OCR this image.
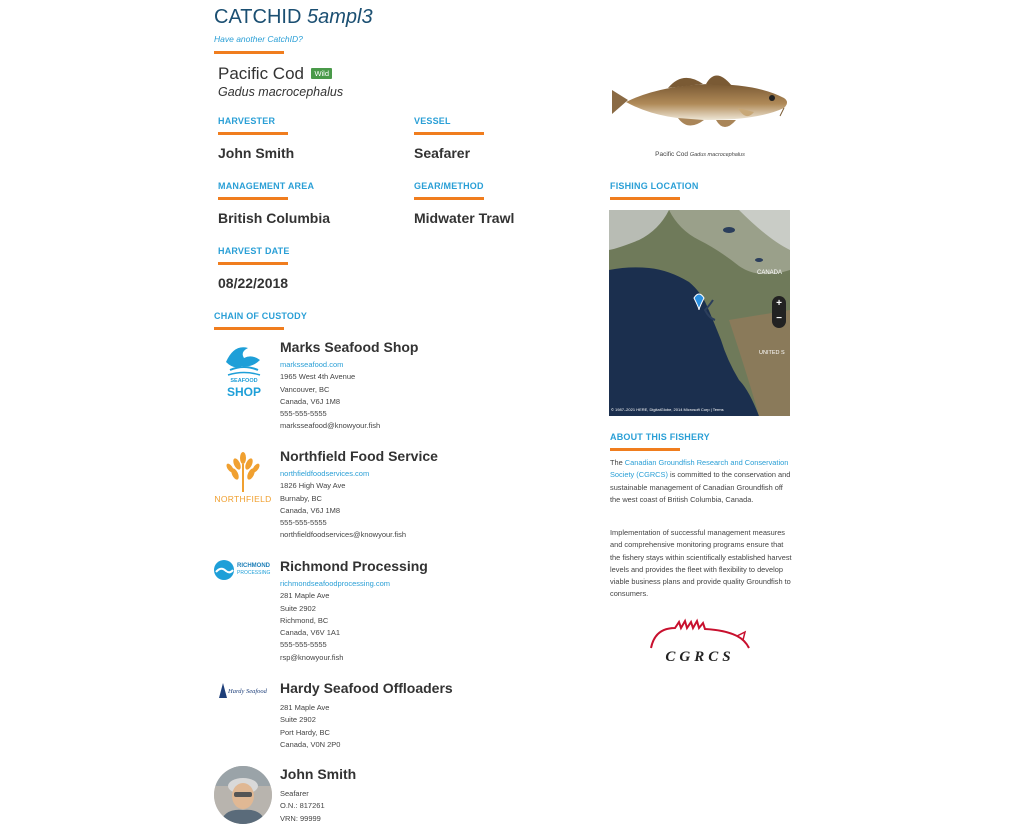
CATCHID 5ampl3
Have another CatchID?
Pacific Cod Wild
Gadus macrocephalus
HARVESTER
John Smith
VESSEL
Seafarer
MANAGEMENT AREA
British Columbia
GEAR/METHOD
Midwater Trawl
HARVEST DATE
08/22/2018
CHAIN OF CUSTODY
SEAFOOD
SHOP
Marks Seafood Shop
marksseafood.com
1965 West 4th Avenue
Vancouver, BC
Canada, V6J 1M8
555-555-5555
marksseafood@knowyour.fish
NORTHFIELD
Northfield Food Service
northfieldfoodservices.com
1826 High Way Ave
Burnaby, BC
Canada, V6J 1M8
555-555-5555
northfieldfoodservices@knowyour.fish
RICHMOND
PROCESSING Richmond Processing
richmondseafoodprocessing.com
281 Maple Ave
Suite 2902
Richmond, BC
Canada, V6V 1A1
555-555-5555
rsp@knowyour.fish
Hardy Seafood Hardy Seafood Offloaders
281 Maple Ave
Suite 2902
Port Hardy, BC
Canada, V0N 2P0
John Smith
Seafarer
O.N.: 817261
VRN: 99999
Pacific Cod Gadus macrocephalus
FISHING LOCATION
CANADA
UNITED S
+
−
© 1987–2021 HERE, DigitalGlobe, 2014 Microsoft Corp | Terms
ABOUT THIS FISHERY
The Canadian Groundfish Research and Conservation Society (CGRCS) is committed to the conservation and sustainable management of Canadian Groundfish off the west coast of British Columbia, Canada.
Implementation of successful management measures and comprehensive monitoring programs ensure that the fishery stays within scientifically established harvest levels and provides the fleet with flexibility to develop viable business plans and provide quality Groundfish to consumers.
CGRCS
